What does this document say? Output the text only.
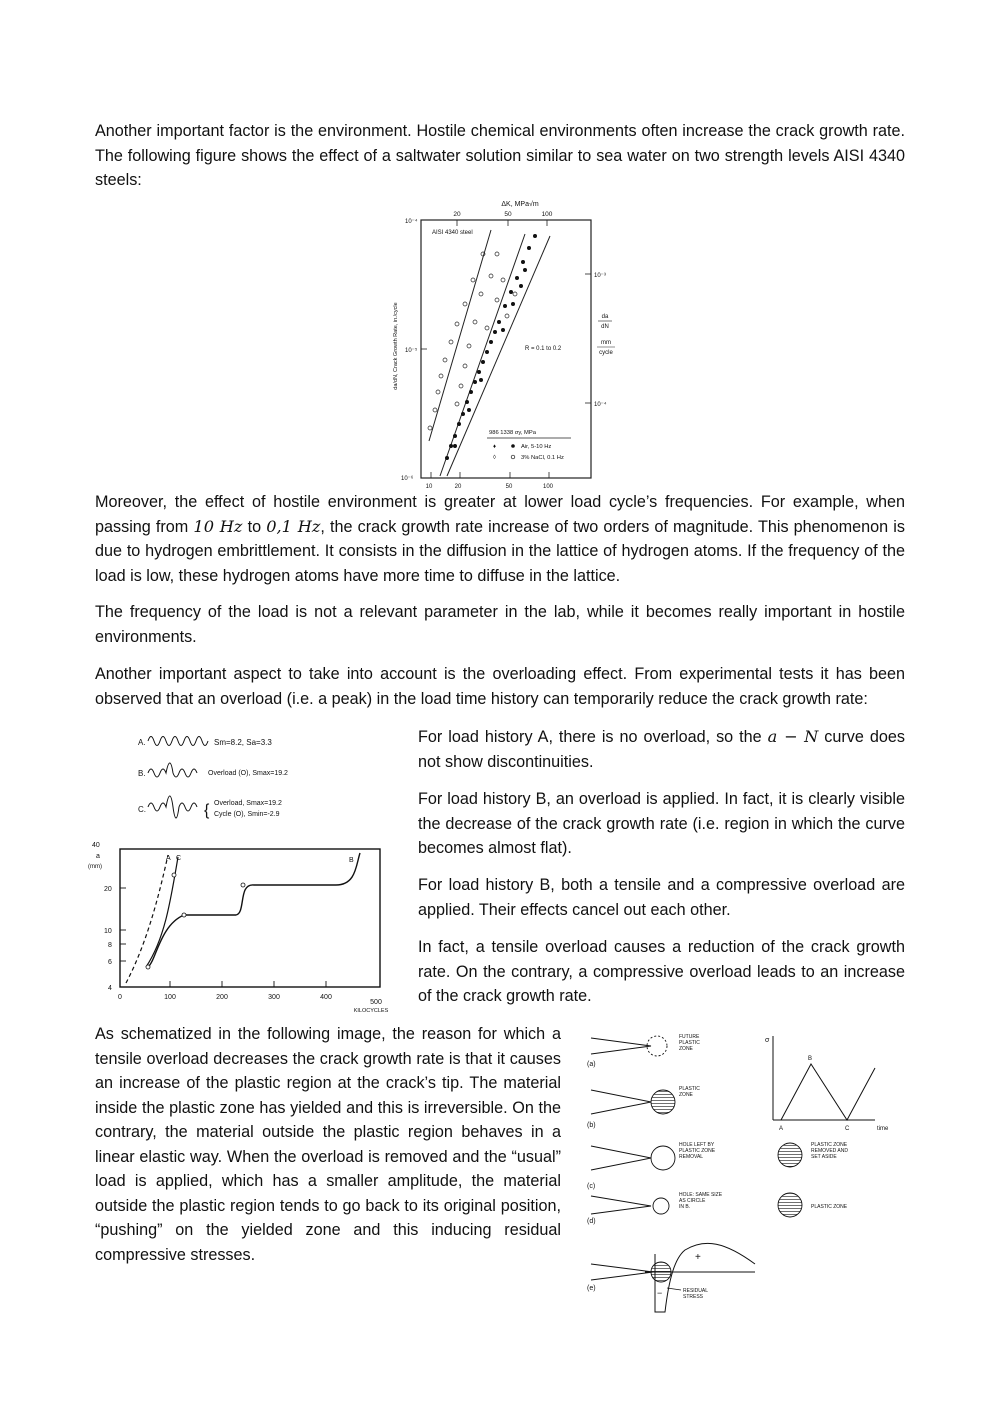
Another important factor is the environment. Hostile chemical environments often increase the crack growth rate. The following figure shows the effect of a saltwater solution similar to sea water on two strength levels AISI 4340 steels:

ΔK, MPa√m
20	50	100
10⁻⁴
10⁻⁵
10⁻⁶
10⁻³
10⁻⁴
10	20	50	100
AISI 4340 steel
da/dN, Crack Growth Rate, in./cycle	da
dN
mm
cycle
R = 0.1 to 0.2
986 1338 σy, MPa
♦	Air, 5-10 Hz
◊	3% NaCl, 0.1 Hz

Moreover, the effect of hostile environment is greater at lower load cycle’s frequencies. For example, when passing from 10 Hz to 0,1 Hz, the crack growth rate increase of two orders of magnitude. This phenomenon is due to hydrogen embrittlement. It consists in the diffusion in the lattice of hydrogen atoms. If the frequency of the load is low, these hydrogen atoms have more time to diffuse in the lattice.

The frequency of the load is not a relevant parameter in the lab, while it becomes really important in hostile environments.

Another important aspect to take into account is the overloading effect. From experimental tests it has been observed that an overload (i.e. a peak) in the load time history can temporarily reduce the crack growth rate:

A.	Sm=8.2, Sa=3.3
B.	Overload (O), Smax=19.2
C.	{ Overload, Smax=19.2
Cycle (O), Smin=-2.9
40
a
(mm)
20
10
8
6
4
0	100	200	300	400
500
KILOCYCLES
A C	B

For load history A, there is no overload, so the a − N curve does not show discontinuities.

For load history B, an overload is applied. In fact, it is clearly visible the decrease of the crack growth rate (i.e. region in which the curve becomes almost flat).

For load history B, both a tensile and a compressive overload are applied. Their effects cancel out each other.

In fact, a tensile overload causes a reduction of the crack growth rate. On the contrary, a compressive overload leads to an increase of the crack growth rate.

As schematized in the following image, the reason for which a tensile overload decreases the crack growth rate is that it causes an increase of the plastic region at the crack’s tip. The material inside the plastic zone has yielded and this is irreversible. On the contrary, the material outside the plastic region behaves in a linear elastic way. When the overload is removed and the “usual” load is applied, which has a smaller amplitude, the material outside the plastic region tends to go back to its original position, “pushing” on the yielded zone and this inducing residual compressive stresses.

(a)
FUTURE
PLASTIC
ZONE
(b)
PLASTIC
ZONE
(c)
HOLE LEFT BY
PLASTIC ZONE
REMOVAL
PLASTIC ZONE
REMOVED AND
SET ASIDE
(d)
HOLE: SAME SIZE
AS CIRCLE
IN B.	PLASTIC ZONE
(e)
+
−	RESIDUAL
STRESS
σ
time
B
A	C
